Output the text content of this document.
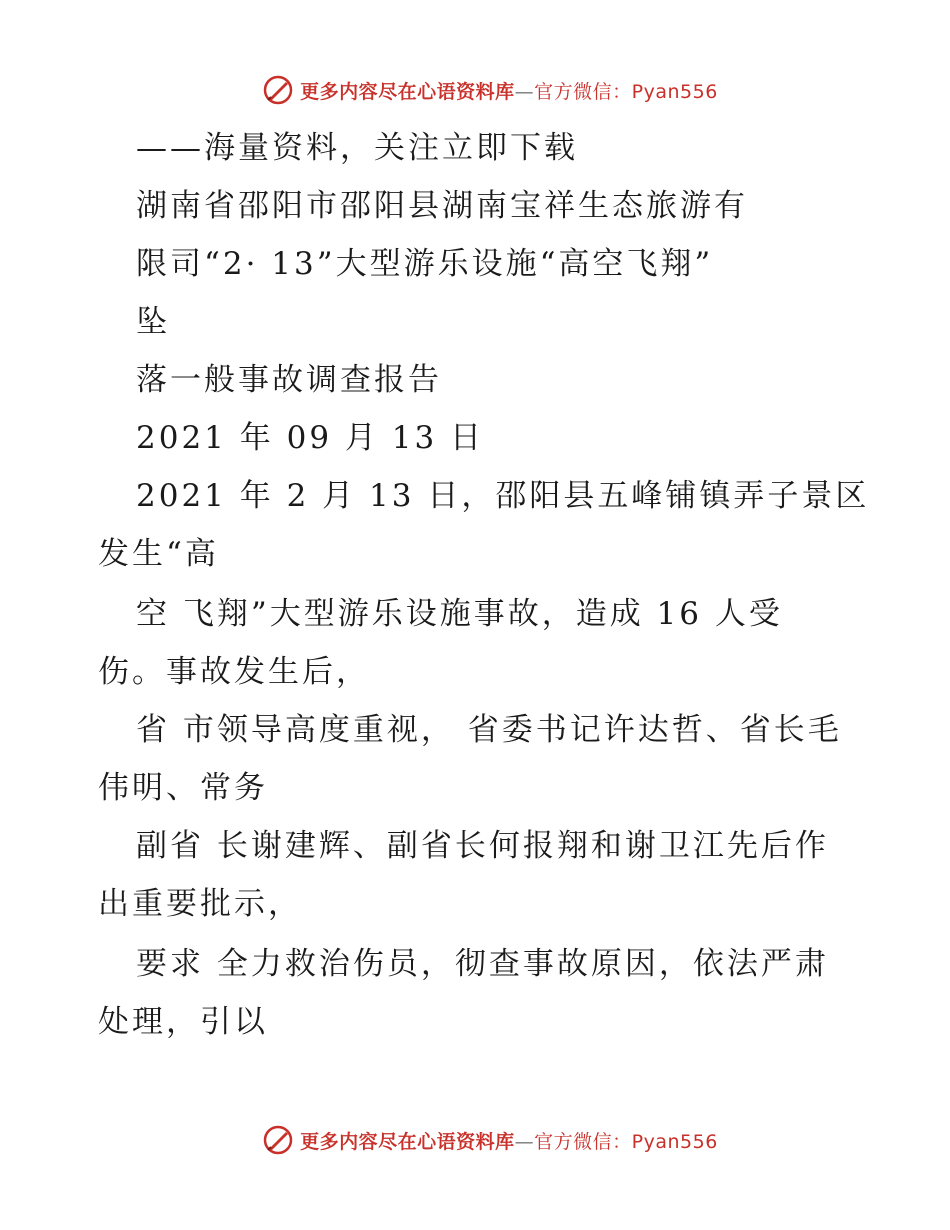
更多内容尽在心语资料库—官方微信：Pyan556
——海量资料，关注立即下载
湖南省邵阳市邵阳县湖南宝祥生态旅游有
限司“2· 13”大型游乐设施“高空飞翔”
坠
落一般事故调查报告
2021 年 09 月 13 日
2021 年 2 月 13 日，邵阳县五峰铺镇弄子景区
发生“高
空 飞翔”大型游乐设施事故，造成 16 人受
伤。事故发生后，
省 市领导高度重视， 省委书记许达哲、省长毛
伟明、常务
副省 长谢建辉、副省长何报翔和谢卫江先后作
出重要批示，
要求 全力救治伤员，彻查事故原因，依法严肃
处理，引以
更多内容尽在心语资料库—官方微信：Pyan556
